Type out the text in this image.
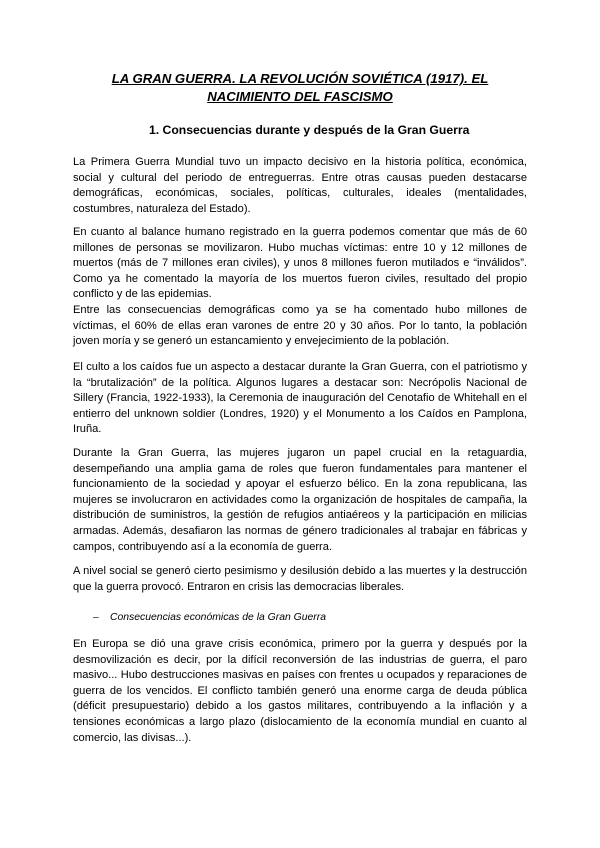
LA GRAN GUERRA. LA REVOLUCIÓN SOVIÉTICA (1917). EL NACIMIENTO DEL FASCISMO
1. Consecuencias durante y después de la Gran Guerra
La Primera Guerra Mundial tuvo un impacto decisivo en la historia política, económica, social y cultural del periodo de entreguerras. Entre otras causas pueden destacarse demográficas, económicas, sociales, políticas, culturales, ideales (mentalidades, costumbres, naturaleza del Estado).
En cuanto al balance humano registrado en la guerra podemos comentar que más de 60 millones de personas se movilizaron. Hubo muchas víctimas: entre 10 y 12 millones de muertos (más de 7 millones eran civiles), y unos 8 millones fueron mutilados e “inválidos”. Como ya he comentado la mayoría de los muertos fueron civiles, resultado del propio conflicto y de las epidemias.
Entre las consecuencias demográficas como ya se ha comentado hubo millones de víctimas, el 60% de ellas eran varones de entre 20 y 30 años. Por lo tanto, la población joven moría y se generó un estancamiento y envejecimiento de la población.
El culto a los caídos fue un aspecto a destacar durante la Gran Guerra, con el patriotismo y la “brutalización” de la política. Algunos lugares a destacar son: Necrópolis Nacional de Sillery (Francia, 1922-1933), la Ceremonia de inauguración del Cenotafio de Whitehall en el entierro del unknown soldier (Londres, 1920) y el Monumento a los Caídos en Pamplona, Iruña.
Durante la Gran Guerra, las mujeres jugaron un papel crucial en la retaguardia, desempeñando una amplia gama de roles que fueron fundamentales para mantener el funcionamiento de la sociedad y apoyar el esfuerzo bélico. En la zona republicana, las mujeres se involucraron en actividades como la organización de hospitales de campaña, la distribución de suministros, la gestión de refugios antiaéreos y la participación en milicias armadas. Además, desafiaron las normas de género tradicionales al trabajar en fábricas y campos, contribuyendo así a la economía de guerra.
A nivel social se generó cierto pesimismo y desilusión debido a las muertes y la destrucción que la guerra provocó. Entraron en crisis las democracias liberales.
– Consecuencias económicas de la Gran Guerra
En Europa se dió una grave crisis económica, primero por la guerra y después por la desmovilización es decir, por la difícil reconversión de las industrias de guerra, el paro masivo... Hubo destrucciones masivas en países con frentes u ocupados y reparaciones de guerra de los vencidos. El conflicto también generó una enorme carga de deuda pública (déficit presupuestario) debido a los gastos militares, contribuyendo a la inflación y a tensiones económicas a largo plazo (dislocamiento de la economía mundial en cuanto al comercio, las divisas...).
